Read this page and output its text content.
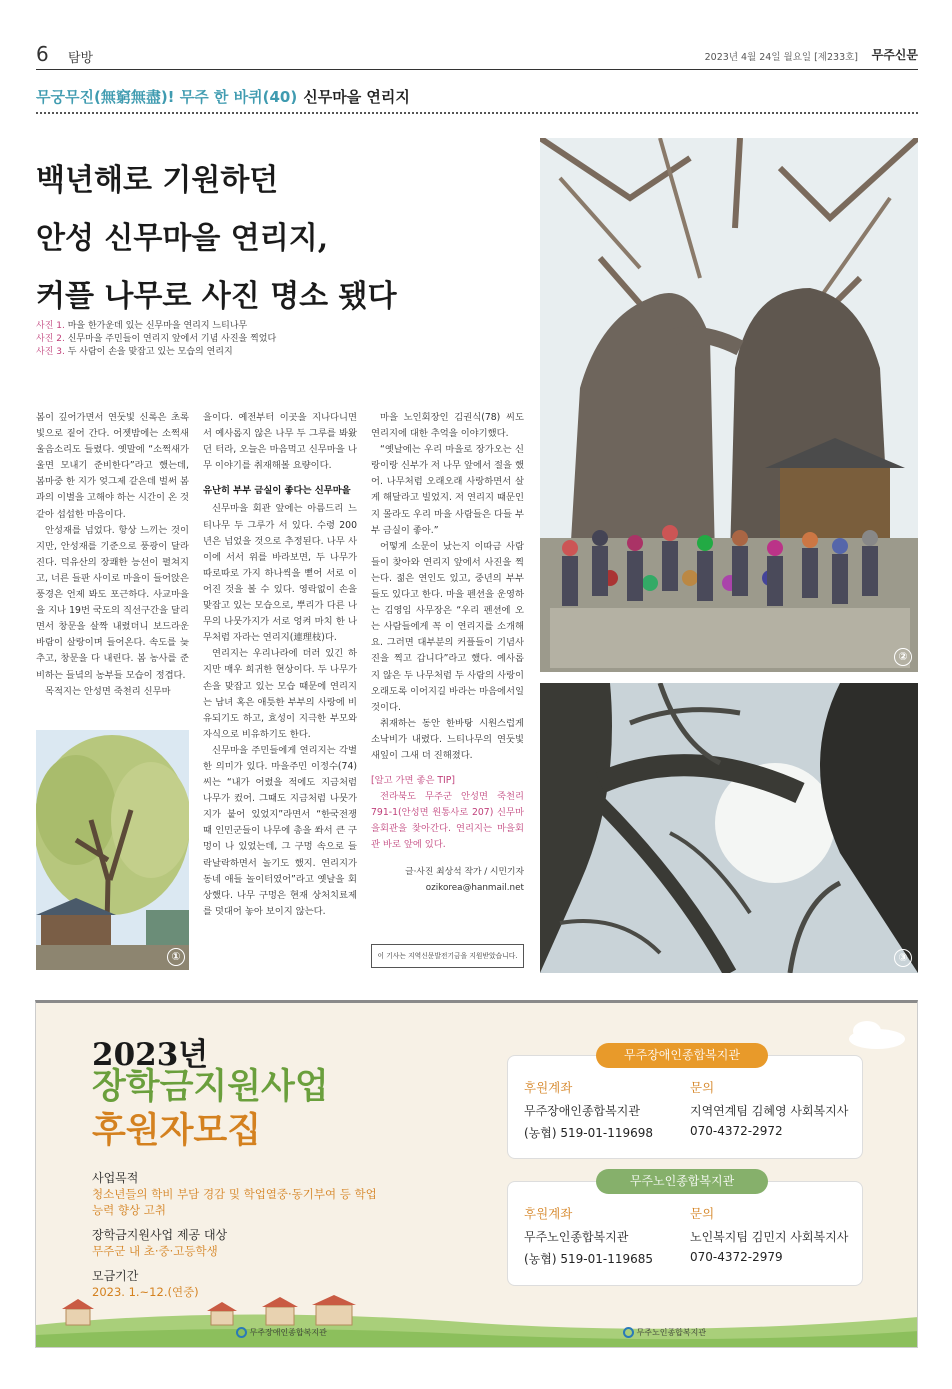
6 탐방	2023년 4월 24일 월요일 [제233호] 무주신문
무궁무진(無窮無盡)! 무주 한 바퀴(40) 신무마을 연리지
백년해로 기원하던
안성 신무마을 연리지,
커플 나무로 사진 명소 됐다
사진 1. 마을 한가운데 있는 신무마을 연리지 느티나무
사진 2. 신무마을 주민들이 연리지 앞에서 기념 사진을 찍었다
사진 3. 두 사람이 손을 맞잡고 있는 모습의 연리지

봄이 깊어가면서 연둣빛 신록은 초록빛으로 짙어 간다. 어젯밤에는 소쩍새 울음소리도 들렸다. 옛말에 “소쩍새가 울면 모내기 준비한다”라고 했는데, 봄마중 한 지가 엊그제 같은데 벌써 봄과의 이별을 고해야 하는 시간이 온 것 같아 섭섭한 마음이다.

안성재를 넘었다. 항상 느끼는 것이지만, 안성재를 기준으로 풍광이 달라진다. 덕유산의 장쾌한 능선이 펼쳐지고, 너른 들판 사이로 마을이 들어앉은 풍경은 언제 봐도 포근하다. 사교마을을 지나 19번 국도의 직선구간을 달리면서 창문을 살짝 내렸더니 보드라운 바람이 살랑이며 들어온다. 속도를 늦추고, 창문을 다 내린다. 봄 농사를 준비하는 들녘의 농부들 모습이 정겹다.

목적지는 안성면 죽천리 신무마

①

을이다. 예전부터 이곳을 지나다니면서 예사롭지 않은 나무 두 그루를 봐왔던 터라, 오늘은 마음먹고 신무마을 나무 이야기를 취재해볼 요량이다.

유난히 부부 금실이 좋다는 신무마을

신무마을 회관 앞에는 아름드리 느티나무 두 그루가 서 있다. 수령 200년은 넘었을 것으로 추정된다. 나무 사이에 서서 위를 바라보면, 두 나무가 따로따로 가지 하나씩을 뻗어 서로 이어진 것을 볼 수 있다. 영락없이 손을 맞잡고 있는 모습으로, 뿌리가 다른 나무의 나뭇가지가 서로 엉켜 마치 한 나무처럼 자라는 연리지(連理枝)다.

연리지는 우리나라에 더러 있긴 하지만 매우 희귀한 현상이다. 두 나무가 손을 맞잡고 있는 모습 때문에 연리지는 남녀 혹은 애틋한 부부의 사랑에 비유되기도 하고, 효성이 지극한 부모와 자식으로 비유하기도 한다.

신무마을 주민들에게 연리지는 각별한 의미가 있다. 마을주민 이정수(74) 씨는 “내가 어렸을 적에도 지금처럼 나무가 컸어. 그때도 지금처럼 나뭇가지가 붙어 있었지”라면서 “한국전쟁 때 인민군들이 나무에 총을 쏴서 큰 구멍이 나 있었는데, 그 구멍 속으로 들락날락하면서 놀기도 했지. 연리지가 동네 애들 놀이터였어”라고 옛날을 회상했다. 나무 구멍은 현재 상처치료제를 덧대어 놓아 보이지 않는다.

마을 노인회장인 김권식(78) 씨도 연리지에 대한 추억을 이야기했다.

“옛날에는 우리 마을로 장가오는 신랑이랑 신부가 저 나무 앞에서 절을 했어. 나무처럼 오래오래 사랑하면서 살게 해달라고 빌었지. 저 연리지 때문인지 몰라도 우리 마을 사람들은 다들 부부 금실이 좋아.”

어떻게 소문이 났는지 이따금 사람들이 찾아와 연리지 앞에서 사진을 찍는다. 젊은 연인도 있고, 중년의 부부들도 있다고 한다. 마을 펜션을 운영하는 김영임 사무장은 “우리 펜션에 오는 사람들에게 꼭 이 연리지를 소개해요. 그러면 대부분의 커플들이 기념사진을 찍고 갑니다”라고 했다. 예사롭지 않은 두 나무처럼 두 사람의 사랑이 오래도록 이어지길 바라는 마음에서일 것이다.

취재하는 동안 한바탕 시원스럽게 소낙비가 내렸다. 느티나무의 연둣빛 새잎이 그새 더 진해졌다.

[알고 가면 좋은 TIP]

전라북도 무주군 안성면 죽천리 791-1(안성면 원통사로 207) 신무마을회관을 찾아간다. 연리지는 마을회관 바로 앞에 있다.

글·사진 최상석 작가 / 시민기자

ozikorea@hanmail.net

이 기사는 지역신문발전기금을 지원받았습니다.
②
③
2023년
장학금지원사업
후원자모집
사업목적
청소년들의 학비 부담 경감 및 학업열중·동기부여 등 학업
능력 향상 고취
장학금지원사업 제공 대상
무주군 내 초·중·고등학생
모금기간
2023. 1.~12.(연중)
무주장애인종합복지관
후원계좌
무주장애인종합복지관
(농협) 519-01-119698
문의
지역연계팀 김혜영 사회복지사
070-4372-2972
무주노인종합복지관
후원계좌
무주노인종합복지관
(농협) 519-01-119685
문의
노인복지팀 김민지 사회복지사
070-4372-2979
무주장애인종합복지관	무주노인종합복지관
